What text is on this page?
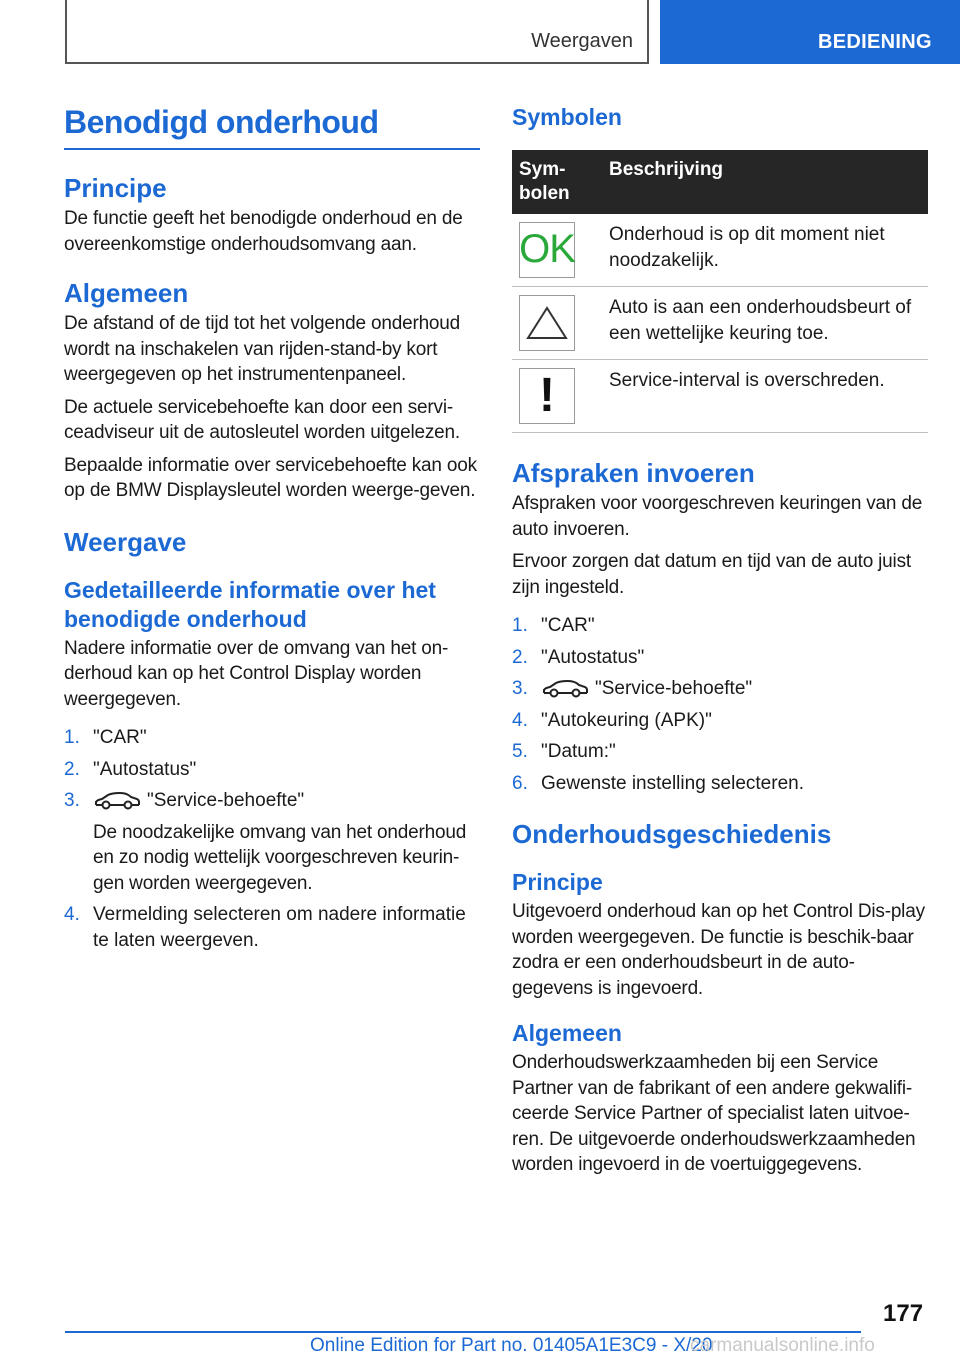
Weergaven	BEDIENING
Benodigd onderhoud
Principe

De functie geeft het benodigde onderhoud en de overeenkomstige onderhoudsomvang aan.

Algemeen

De afstand of de tijd tot het volgende onderhoud wordt na inschakelen van rijden-stand-by kort weergegeven op het instrumentenpaneel.

De actuele servicebehoefte kan door een servi-ceadviseur uit de autosleutel worden uitgelezen.

Bepaalde informatie over servicebehoefte kan ook op de BMW Displaysleutel worden weerge-geven.

Weergave
Gedetailleerde informatie over het benodigde onderhoud

Nadere informatie over de omvang van het on-derhoud kan op het Control Display worden weergegeven.

1. "CAR"
2. "Autostatus"
3.	"Service-behoefte"

De noodzakelijke omvang van het onderhoud en zo nodig wettelijk voorgeschreven keurin-gen worden weergegeven.

4. Vermelding selecteren om nadere informatie te laten weergeven.
Symbolen
Sym-bolen	Beschrijving

OK	Onderhoud is op dit moment niet noodzakelijk.

	Auto is aan een onderhoudsbeurt of een wettelijke keuring toe.

!	Service-interval is overschreden.
Afspraken invoeren

Afspraken voor voorgeschreven keuringen van de auto invoeren.

Ervoor zorgen dat datum en tijd van de auto juist zijn ingesteld.

1. "CAR"
2. "Autostatus"
3.	"Service-behoefte"
4. "Autokeuring (APK)"
5. "Datum:"
6. Gewenste instelling selecteren.
Onderhoudsgeschiedenis
Principe

Uitgevoerd onderhoud kan op het Control Dis-play worden weergegeven. De functie is beschik-baar zodra er een onderhoudsbeurt in de auto-gegevens is ingevoerd.

Algemeen

Onderhoudswerkzaamheden bij een Service Partner van de fabrikant of een andere gekwalifi-ceerde Service Partner of specialist laten uitvoe-ren. De uitgevoerde onderhoudswerkzaamheden worden ingevoerd in de voertuiggegevens.

177
Online Edition for Part no. 01405A1E3C9 - X/20
carmanualsonline.info
